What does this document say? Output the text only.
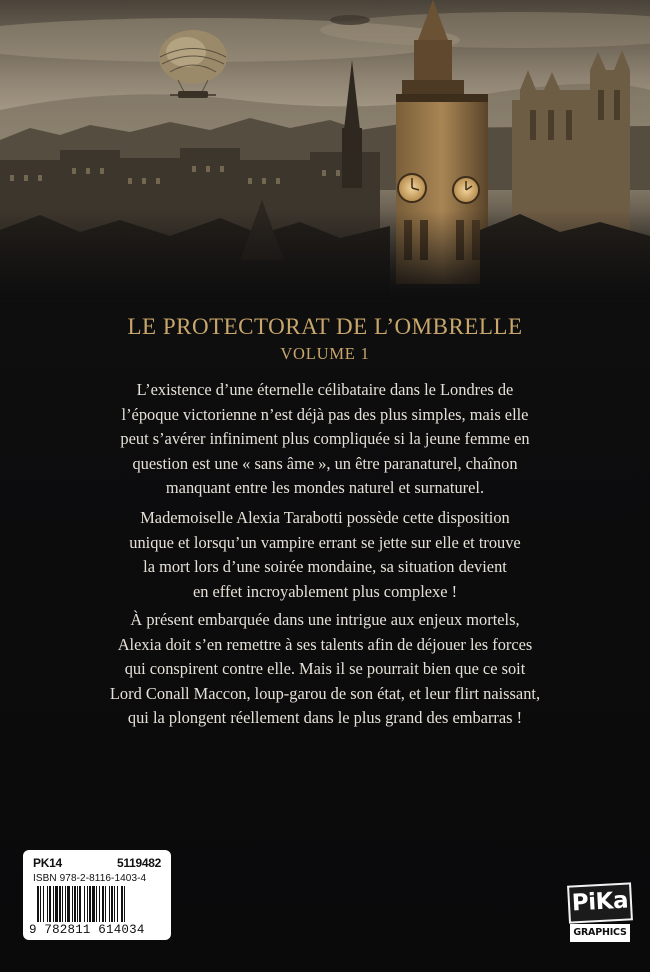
LE PROTECTORAT DE L’OMBRELLE
VOLUME 1

L’existence d’une éternelle célibataire dans le Londres de
l’époque victorienne n’est déjà pas des plus simples, mais elle
peut s’avérer infiniment plus compliquée si la jeune femme en
question est une « sans âme », un être paranaturel, chaînon
manquant entre les mondes naturel et surnaturel.

Mademoiselle Alexia Tarabotti possède cette disposition
unique et lorsqu’un vampire errant se jette sur elle et trouve
la mort lors d’une soirée mondaine, sa situation devient
en effet incroyablement plus complexe !

À présent embarquée dans une intrigue aux enjeux mortels,
Alexia doit s’en remettre à ses talents afin de déjouer les forces
qui conspirent contre elle. Mais il se pourrait bien que ce soit
Lord Conall Maccon, loup-garou de son état, et leur flirt naissant,
qui la plongent réellement dans le plus grand des embarras !

PK14	5119482
ISBN 978-2-8116-1403-4
9 782811 614034
PiKa
GRAPHICS
